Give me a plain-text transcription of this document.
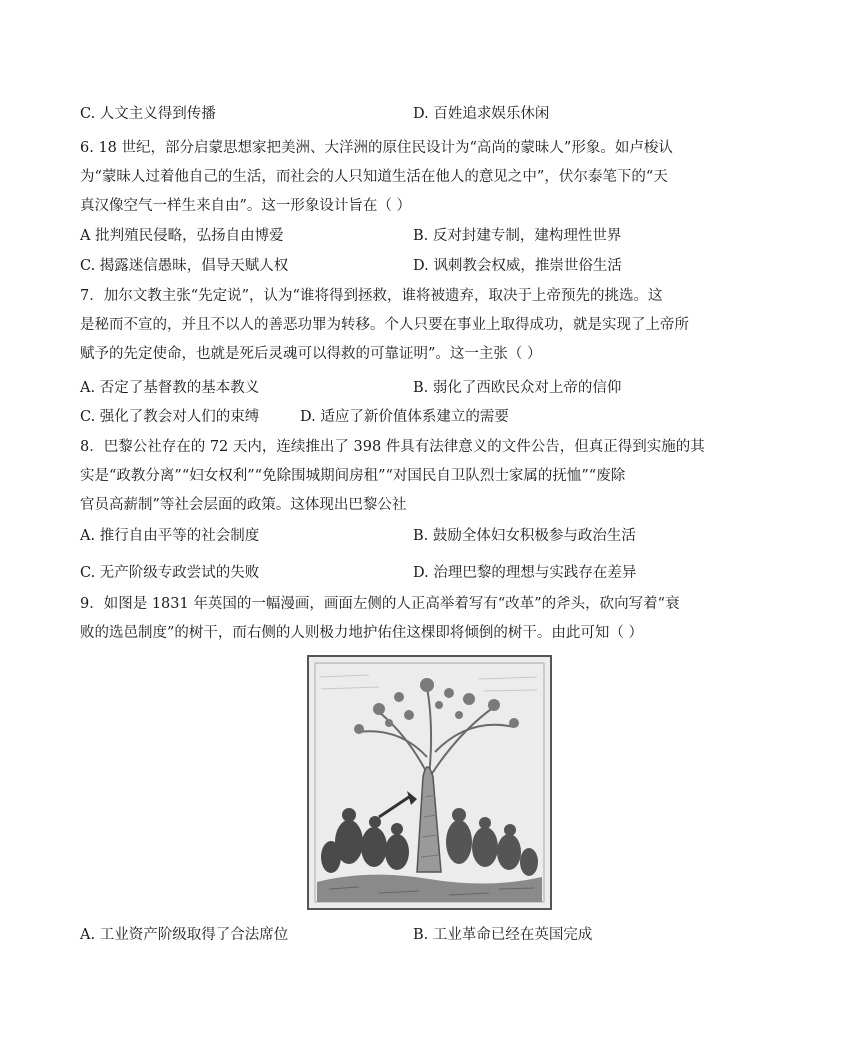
C. 人文主义得到传播	D. 百姓追求娱乐休闲
6. 18 世纪，部分启蒙思想家把美洲、大洋洲的原住民设计为“高尚的蒙昧人”形象。如卢梭认
为“蒙昧人过着他自己的生活，而社会的人只知道生活在他人的意见之中”，伏尔泰笔下的“天
真汉像空气一样生来自由”。这一形象设计旨在（ ）
A 批判殖民侵略，弘扬自由博爱	B. 反对封建专制，建构理性世界
C. 揭露迷信愚昧，倡导天赋人权	D. 讽刺教会权威，推崇世俗生活
7．加尔文教主张“先定说”，认为“谁将得到拯救，谁将被遗弃，取决于上帝预先的挑选。这
是秘而不宣的，并且不以人的善恶功罪为转移。个人只要在事业上取得成功，就是实现了上帝所
赋予的先定使命，也就是死后灵魂可以得救的可靠证明”。这一主张（ ）
A. 否定了基督教的基本教义	B. 弱化了西欧民众对上帝的信仰
C. 强化了教会对人们的束缚	D. 适应了新价值体系建立的需要
8．巴黎公社存在的 72 天内，连续推出了 398 件具有法律意义的文件公告，但真正得到实施的其
实是“政教分离”“妇女权利”“免除围城期间房租”“对国民自卫队烈士家属的抚恤”“废除
官员高薪制”等社会层面的政策。这体现出巴黎公社
A. 推行自由平等的社会制度	B. 鼓励全体妇女积极参与政治生活
C. 无产阶级专政尝试的失败	D. 治理巴黎的理想与实践存在差异
9．如图是 1831 年英国的一幅漫画，画面左侧的人正高举着写有“改革”的斧头，砍向写着“衰
败的选邑制度”的树干，而右侧的人则极力地护佑住这棵即将倾倒的树干。由此可知（ ）
A. 工业资产阶级取得了合法席位	B. 工业革命已经在英国完成
